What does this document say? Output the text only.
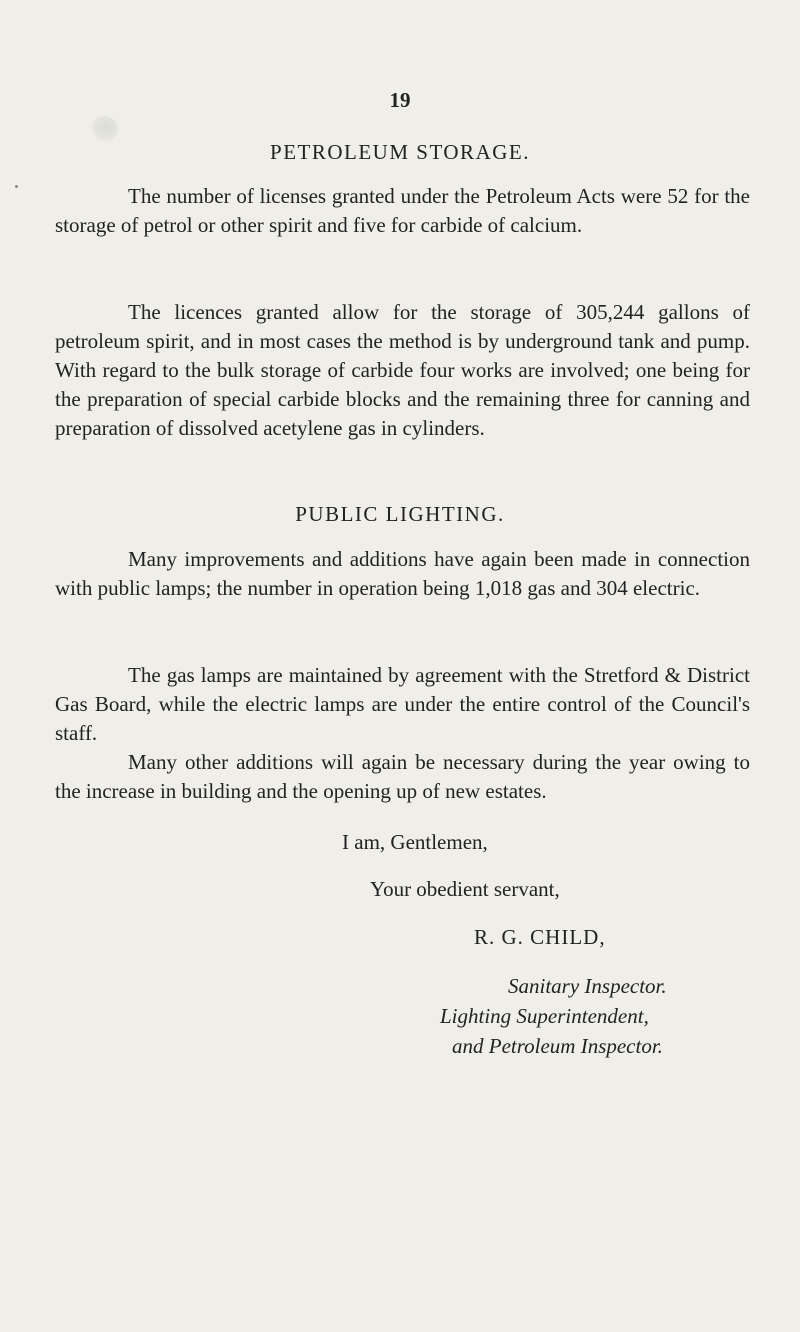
19
PETROLEUM STORAGE.

The number of licenses granted under the Petroleum Acts were 52 for the storage of petrol or other spirit and five for carbide of calcium.

The licences granted allow for the storage of 305,244 gallons of petroleum spirit, and in most cases the method is by underground tank and pump. With regard to the bulk storage of carbide four works are involved; one being for the preparation of special carbide blocks and the remaining three for canning and preparation of dissolved acetylene gas in cylinders.

PUBLIC LIGHTING.

Many improvements and additions have again been made in connection with public lamps; the number in operation being 1,018 gas and 304 electric.

The gas lamps are maintained by agreement with the Stretford & District Gas Board, while the electric lamps are under the entire control of the Council's staff.

Many other additions will again be necessary during the year owing to the increase in building and the opening up of new estates.

I am, Gentlemen,
Your obedient servant,
R. G. CHILD,
Sanitary Inspector.
Lighting Superintendent,
and Petroleum Inspector.
